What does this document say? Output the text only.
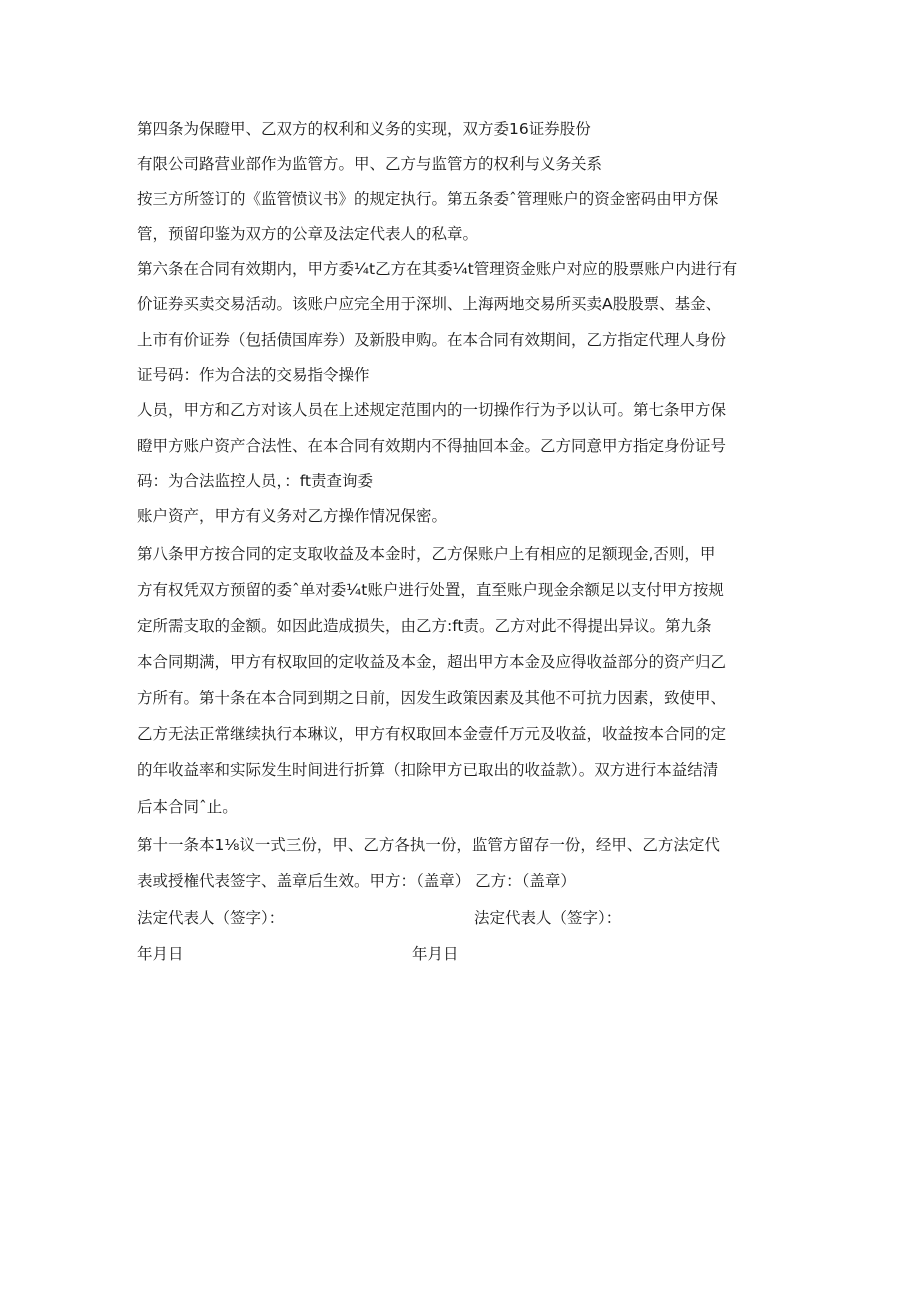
第四条为保瞪甲、乙双方的权利和义务的实现，双方委16证券股份
有限公司路营业部作为监管方。甲、乙方与监管方的权利与义务关系
按三方所签订的《监管愤议书》的规定执行。第五条委ˆ管理账户的资金密码由甲方保
管，预留印鉴为双方的公章及法定代表人的私章。
第六条在合同有效期内，甲方委¼t乙方在其委¼t管理资金账户对应的股票账户内进行有
价证券买卖交易活动。该账户应完全用于深圳、上海两地交易所买卖A股股票、基金、
上市有价证券（包括债国库券）及新股申购。在本合同有效期间，乙方指定代理人身份
证号码：作为合法的交易指令操作
人员，甲方和乙方对该人员在上述规定范围内的一切操作行为予以认可。第七条甲方保
瞪甲方账户资产合法性、在本合同有效期内不得抽回本金。乙方同意甲方指定身份证号
码：为合法监控人员，：ft责查询委
账户资产，甲方有义务对乙方操作情况保密。
第八条甲方按合同的定支取收益及本金时，乙方保账户上有相应的足额现金,否则，甲
方有权凭双方预留的委ˆ单对委¼t账户进行处置，直至账户现金余额足以支付甲方按规
定所需支取的金额。如因此造成损失，由乙方:ft责。乙方对此不得提出异议。第九条
本合同期满，甲方有权取回的定收益及本金，超出甲方本金及应得收益部分的资产归乙
方所有。第十条在本合同到期之日前，因发生政策因素及其他不可抗力因素，致使甲、
乙方无法正常继续执行本琳议，甲方有权取回本金壹仟万元及收益，收益按本合同的定
的年收益率和实际发生时间进行折算（扣除甲方已取出的收益款）。双方进行本益结清
后本合同ˆ止。
第十一条本1⅛议一式三份，甲、乙方各执一份，监管方留存一份，经甲、乙方法定代
表或授権代表签字、盖章后生效。甲方：（盖章） 乙方：（盖章）
法定代表人（签字）：	法定代表人（签字）：
年月日	年月日
